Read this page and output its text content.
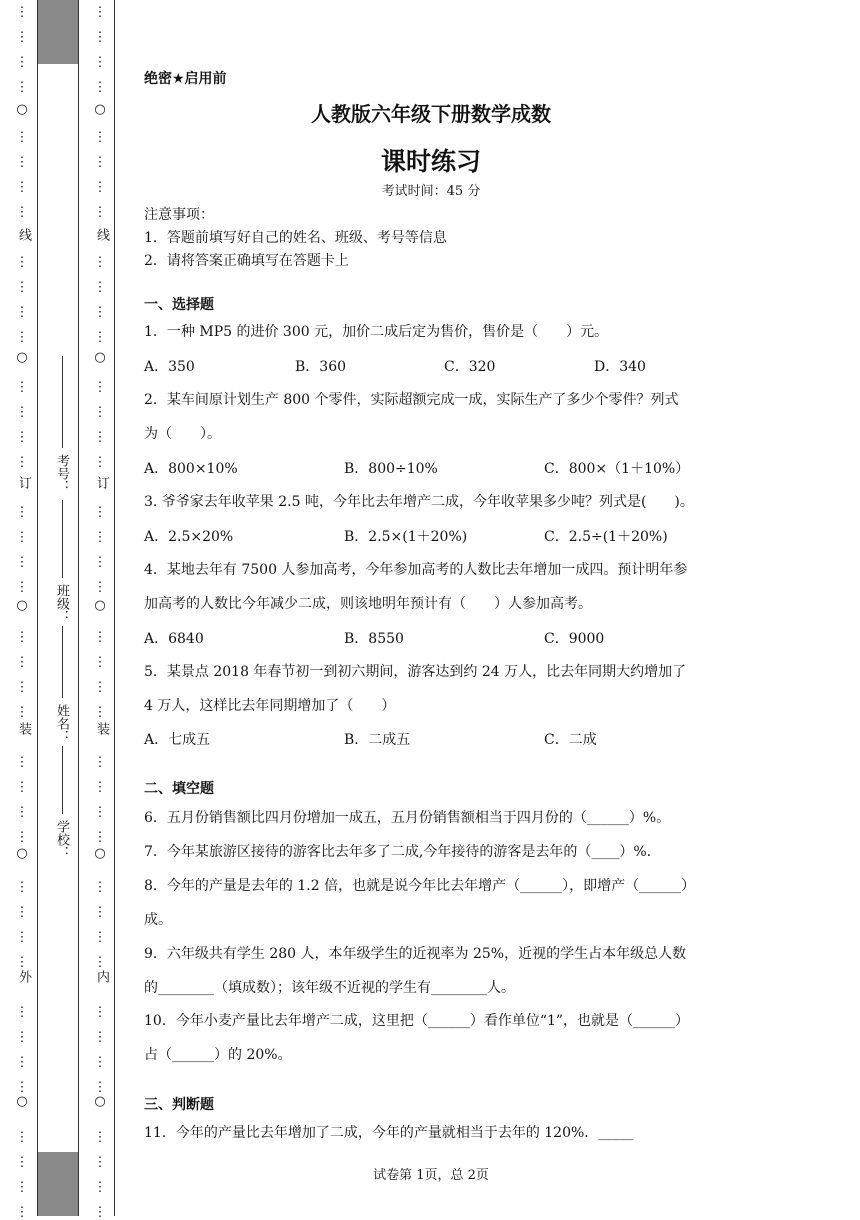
⋮
⋮
⋮
⋮
⋮
⋮
⋮
⋮
⋮
⋮
⋮
⋮
⋮
⋮
⋮
⋮
⋮
⋮
⋮
⋮
⋮
⋮
⋮
⋮
⋮
⋮
⋮
⋮
⋮
⋮
⋮
⋮
⋮
⋮
⋮
⋮
⋮
⋮
⋮
⋮
○
○
○
○
○
⋮
⋮
⋮
⋮
⋮
⋮
⋮
⋮
⋮
⋮
⋮
⋮
⋮
⋮
⋮
⋮
⋮
⋮
⋮
⋮
⋮
⋮
⋮
⋮
⋮
⋮
⋮
⋮
⋮
⋮
⋮
⋮
⋮
⋮
⋮
⋮
⋮
⋮
⋮
⋮
○
○
○
○
○
线
订
装
外
线
订
装
内
考号：
班级：
姓名：
学校：
绝密★启用前
人教版六年级下册数学成数
课时练习
考试时间：45 分
注意事项：
1．答题前填写好自己的姓名、班级、考号等信息
2．请将答案正确填写在答题卡上
一、选择题
1．一种 MP5 的进价 300 元，加价二成后定为售价，售价是（　　）元。
A．350	B．360	C．320	D．340
2．某车间原计划生产 800 个零件，实际超额完成一成，实际生产了多少个零件？列式
为（　　）。
A．800×10%	B．800÷10%	C．800×（1＋10%）
3. 爷爷家去年收苹果 2.5 吨，今年比去年增产二成，今年收苹果多少吨？列式是(　　)。
A．2.5×20%	B．2.5×(1＋20%)	C．2.5÷(1＋20%)
4．某地去年有 7500 人参加高考，今年参加高考的人数比去年增加一成四。预计明年参
加高考的人数比今年减少二成，则该地明年预计有（　　）人参加高考。
A．6840	B．8550	C．9000
5．某景点 2018 年春节初一到初六期间，游客达到约 24 万人，比去年同期大约增加了
4 万人，这样比去年同期增加了（　　）
A．七成五	B．二成五	C．二成
二、填空题
6．五月份销售额比四月份增加一成五，五月份销售额相当于四月份的（______）%。
7．今年某旅游区接待的游客比去年多了二成,今年接待的游客是去年的（____）%.
8．今年的产量是去年的 1.2 倍，也就是说今年比去年增产（______），即增产（______）
成。
9．六年级共有学生 280 人，本年级学生的近视率为 25%，近视的学生占本年级总人数
的________（填成数）；该年级不近视的学生有________人。
10．今年小麦产量比去年增产二成，这里把（______）看作单位“1”，也就是（______）
占（______）的 20%。
三、判断题
11．今年的产量比去年增加了二成，今年的产量就相当于去年的 120%．_____
试卷第 1页，总 2页
